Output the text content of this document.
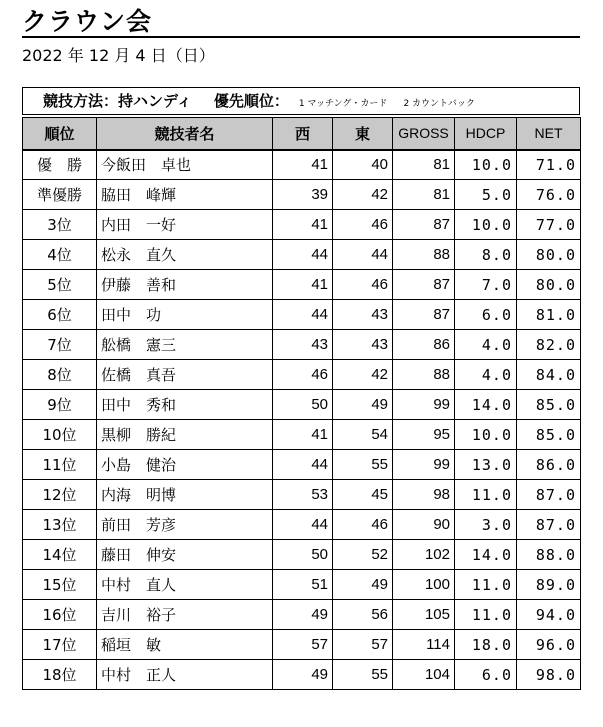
クラウン会
2022 年 12 月 4 日（日）
競技方法：持ハンディ 優先順位： 1 マッチング・カード 2 カウントバック
順位	競技者名	西	東	GROSS	HDCP	NET
優　勝	今飯田　卓也	41	40	81	10.0	71.0
準優勝	脇田　峰輝	39	42	81	5.0	76.0
3位	内田　一好	41	46	87	10.0	77.0
4位	松永　直久	44	44	88	8.0	80.0
5位	伊藤　善和	41	46	87	7.0	80.0
6位	田中　功	44	43	87	6.0	81.0
7位	舩橋　憲三	43	43	86	4.0	82.0
8位	佐橋　真吾	46	42	88	4.0	84.0
9位	田中　秀和	50	49	99	14.0	85.0
10位	黒柳　勝紀	41	54	95	10.0	85.0
11位	小島　健治	44	55	99	13.0	86.0
12位	内海　明博	53	45	98	11.0	87.0
13位	前田　芳彦	44	46	90	3.0	87.0
14位	藤田　伸安	50	52	102	14.0	88.0
15位	中村　直人	51	49	100	11.0	89.0
16位	吉川　裕子	49	56	105	11.0	94.0
17位	稲垣　敏	57	57	114	18.0	96.0
18位	中村　正人	49	55	104	6.0	98.0
